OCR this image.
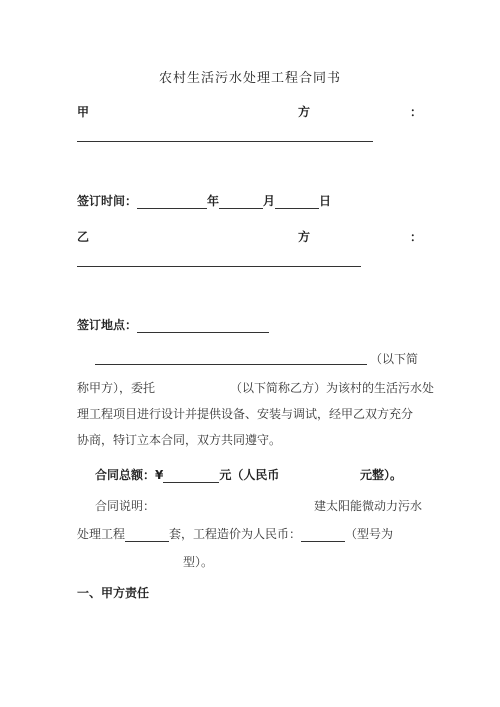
农村生活污水处理工程合同书
甲	方	：
签订时间：	年	月	日
乙	方	：
签订地点：
（以下简
称甲方），委托	（以下简称乙方）为该村的生活污水处
理工程项目进行设计并提供设备、安装与调试，经甲乙双方充分
协商，特订立本合同，双方共同遵守。
合同总额：¥	元（人民币	元整）。
合同说明：	建太阳能微动力污水
处理工程	套，工程造价为人民币：	（型号为
型）。
一、甲方责任
